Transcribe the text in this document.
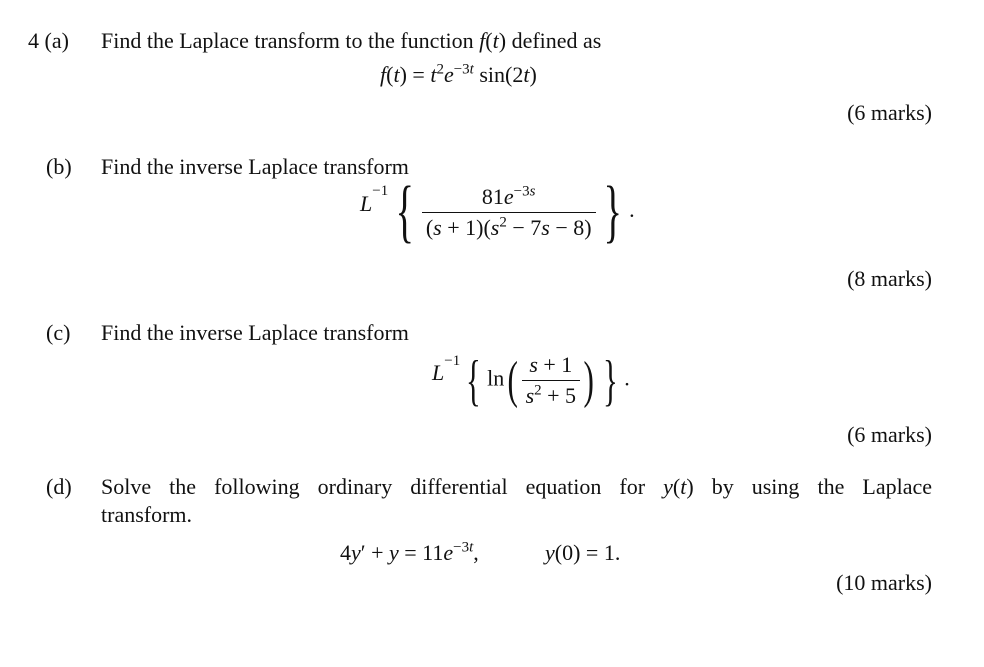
4 (a) Find the Laplace transform to the function f(t) defined as
$f(t) = t^2e^{-3t}$ sin(2t)
(6 marks)
(b) Find the inverse Laplace transform
$L^{-1}$ { $\frac{81e^{-3s}}{(s + 1)(s^2 - 7s - 8)}$ } .
(8 marks)
(c) Find the inverse Laplace transform
$L^{-1}$ { $\ln( \frac{s + 1}{s^2 + 5}$ ) } .
(6 marks)
(d) Solve the following ordinary differential equation for y(t) by using the Laplace
transform.
$4y' + y = 11e^{-3t}$,	y(0) = 1.
(10 marks)
